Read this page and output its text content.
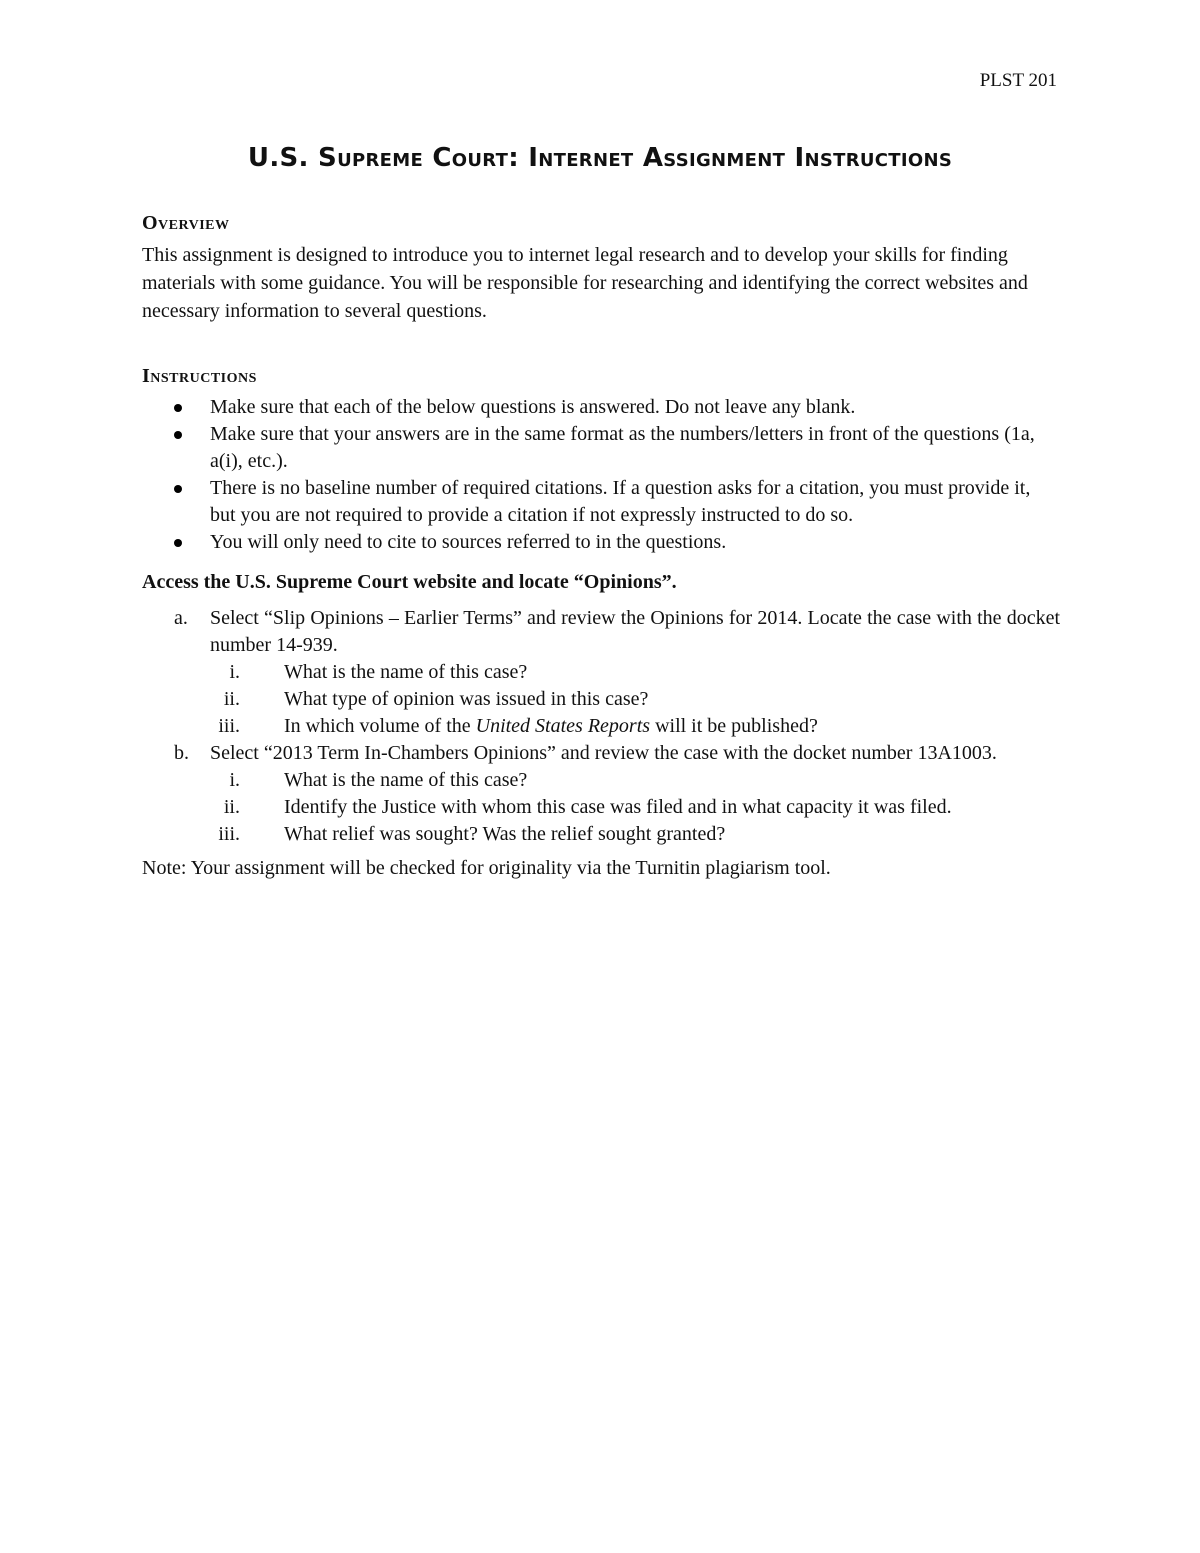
PLST 201
U.S. Supreme Court: Internet Assignment Instructions
Overview

This assignment is designed to introduce you to internet legal research and to develop your skills for finding materials with some guidance. You will be responsible for researching and identifying the correct websites and necessary information to several questions.

Instructions
Make sure that each of the below questions is answered. Do not leave any blank.
Make sure that your answers are in the same format as the numbers/letters in front of the questions (1a, a(i), etc.).
There is no baseline number of required citations. If a question asks for a citation, you must provide it, but you are not required to provide a citation if not expressly instructed to do so.
You will only need to cite to sources referred to in the questions.
Access the U.S. Supreme Court website and locate “Opinions”.
a. Select “Slip Opinions – Earlier Terms” and review the Opinions for 2014. Locate the case with the docket number 14-939.
i. What is the name of this case?
ii. What type of opinion was issued in this case?
iii. In which volume of the United States Reports will it be published?
b. Select “2013 Term In-Chambers Opinions” and review the case with the docket number 13A1003.
i. What is the name of this case?
ii. Identify the Justice with whom this case was filed and in what capacity it was filed.
iii. What relief was sought? Was the relief sought granted?
Note: Your assignment will be checked for originality via the Turnitin plagiarism tool.
